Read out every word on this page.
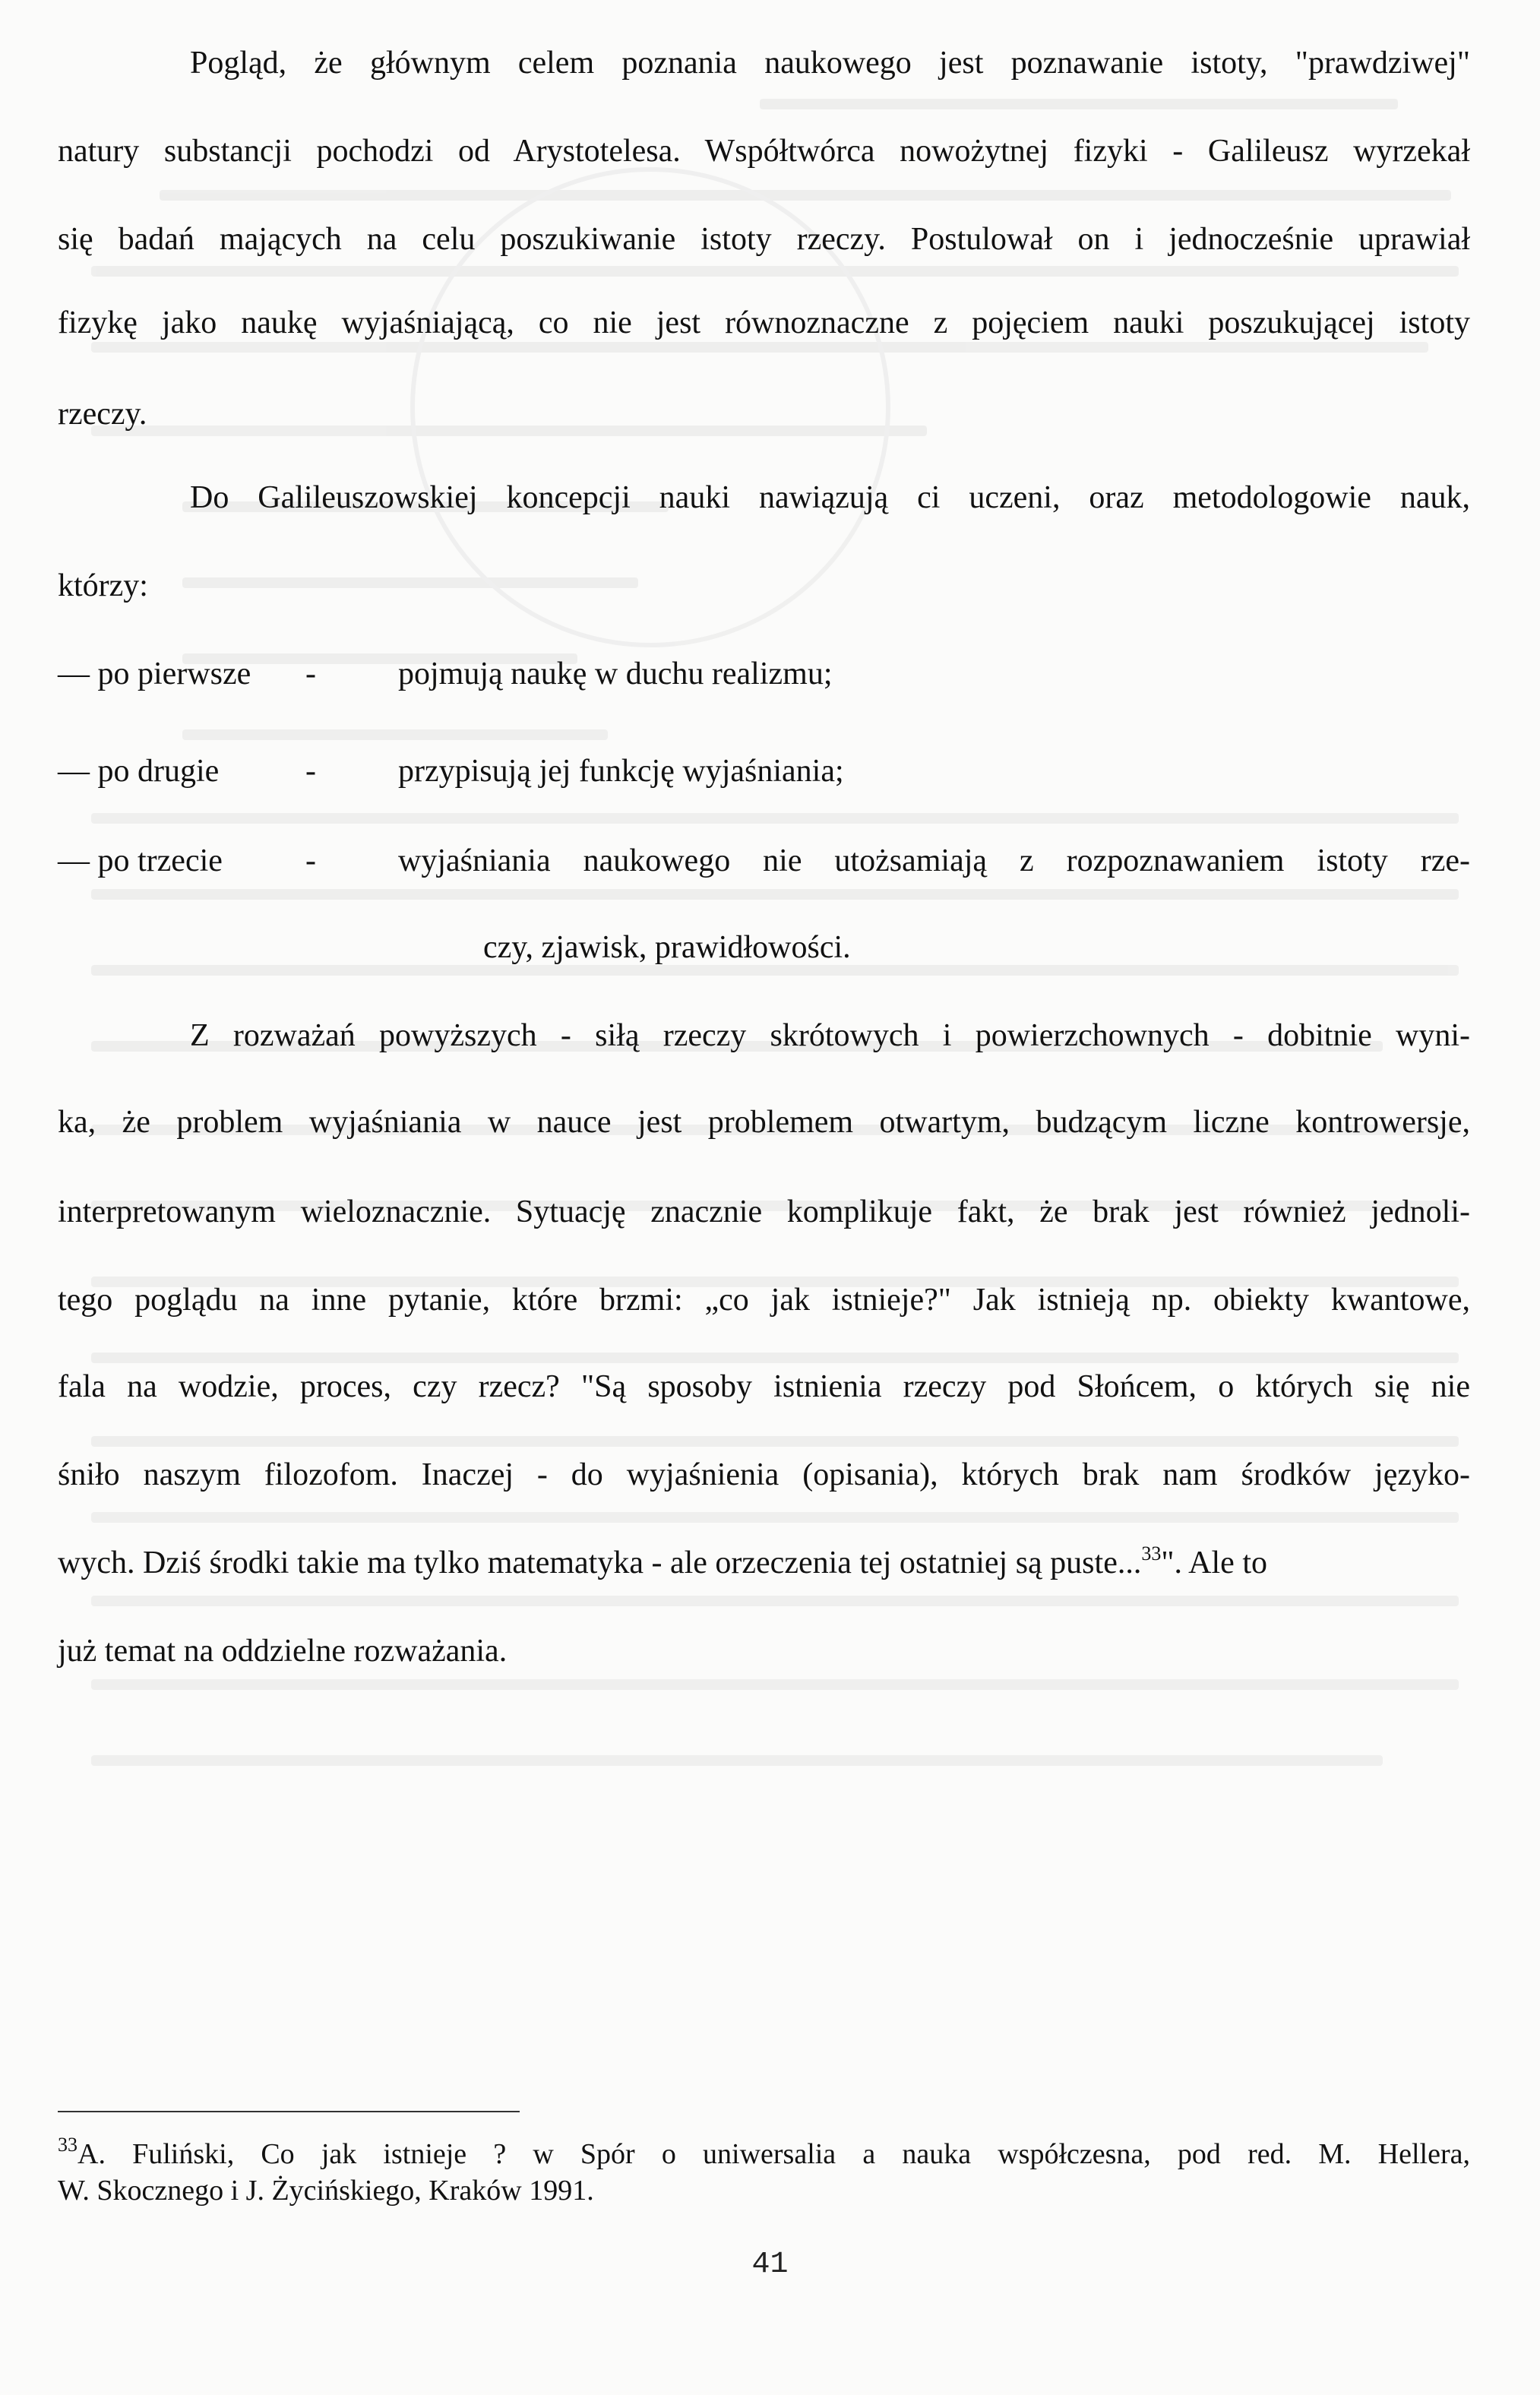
Pogląd, że głównym celem poznania naukowego jest poznawanie istoty, "prawdziwej"
natury substancji pochodzi od Arystotelesa. Współtwórca nowożytnej fizyki - Galileusz wyrzekał
się badań mających na celu poszukiwanie istoty rzeczy. Postulował on i jednocześnie uprawiał
fizykę jako naukę wyjaśniającą, co nie jest równoznaczne z pojęciem nauki poszukującej istoty
rzeczy.
Do Galileuszowskiej koncepcji nauki nawiązują ci uczeni, oraz metodologowie nauk,
którzy:
— po pierwsze -	pojmują naukę w duchu realizmu;
— po drugie	-	przypisują jej funkcję wyjaśniania;
— po trzecie	-	wyjaśniania naukowego nie utożsamiają z rozpoznawaniem istoty rze-
czy, zjawisk, prawidłowości.
Z rozważań powyższych - siłą rzeczy skrótowych i powierzchownych - dobitnie wyni-
ka, że problem wyjaśniania w nauce jest problemem otwartym, budzącym liczne kontrowersje,
interpretowanym wieloznacznie. Sytuację znacznie komplikuje fakt, że brak jest również jednoli-
tego poglądu na inne pytanie, które brzmi: „co jak istnieje?" Jak istnieją np. obiekty kwantowe,
fala na wodzie, proces, czy rzecz? "Są sposoby istnienia rzeczy pod Słońcem, o których się nie
śniło naszym filozofom. Inaczej - do wyjaśnienia (opisania), których brak nam środków języko-
wych. Dziś środki takie ma tylko matematyka - ale orzeczenia tej ostatniej są puste...$^{33}$". Ale to
już temat na oddzielne rozważania.
$^{33}$A. Fuliński, Co jak istnieje ? w Spór o uniwersalia a nauka współczesna, pod red. M. Hellera,
W. Skocznego i J. Życińskiego, Kraków 1991.
41
